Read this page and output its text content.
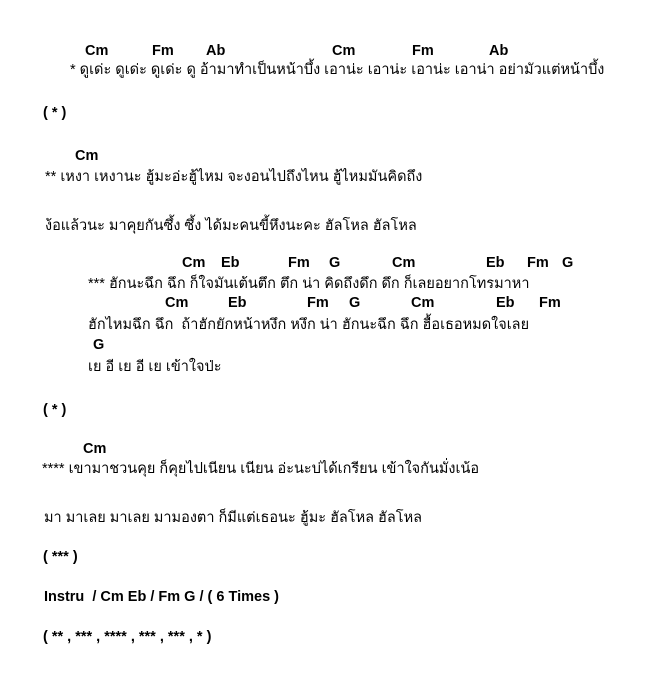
Cm	Fm Ab	Cm	Fm	Ab
* ดูเด่ะ ดูเด่ะ ดูเด่ะ ดู อ้ามาทำเป็นหน้าบึ้ง เอาน่ะ เอาน่ะ เอาน่ะ เอาน่า อย่ามัวแต่หน้าบึ้ง
( * )
Cm
** เหงา เหงานะ ฮู้มะอ่ะฮู้ไหม จะงอนไปถึงไหน ฮู้ไหมมันคิดถึง
ง้อแล้วนะ มาคุยกันซึ้ง ซึ้ง ได้มะคนขี้หึงนะคะ ฮัลโหล ฮัลโหล
Cm Eb	Fm G	Cm	Eb Fm G
*** ฮักนะฉึก ฉึก ก็ใจมันเต้นตึก ตึก น่า คิดถึงดึก ดึก ก็เลยอยากโทรมาหา
Cm	Eb	Fm G	Cm	Eb Fm
ฮักไหมฉึก ฉึก  ถ้าฮักยักหน้าหงึก หงึก น่า ฮักนะฉึก ฉึก ฮื้อเธอหมดใจเลย
G
เย อี เย อี เย เข้าใจป่ะ
( * )
Cm
**** เขามาชวนคุย ก็คุยไปเนียน เนียน อ่ะนะบ่ได้เกรียน เข้าใจกันมั่งเน้อ
มา มาเลย มาเลย มามองตา ก็มีแต่เธอนะ ฮู้มะ ฮัลโหล ฮัลโหล
( *** )
Instru  / Cm Eb / Fm G / ( 6 Times )
( ** , *** , **** , *** , *** , * )
